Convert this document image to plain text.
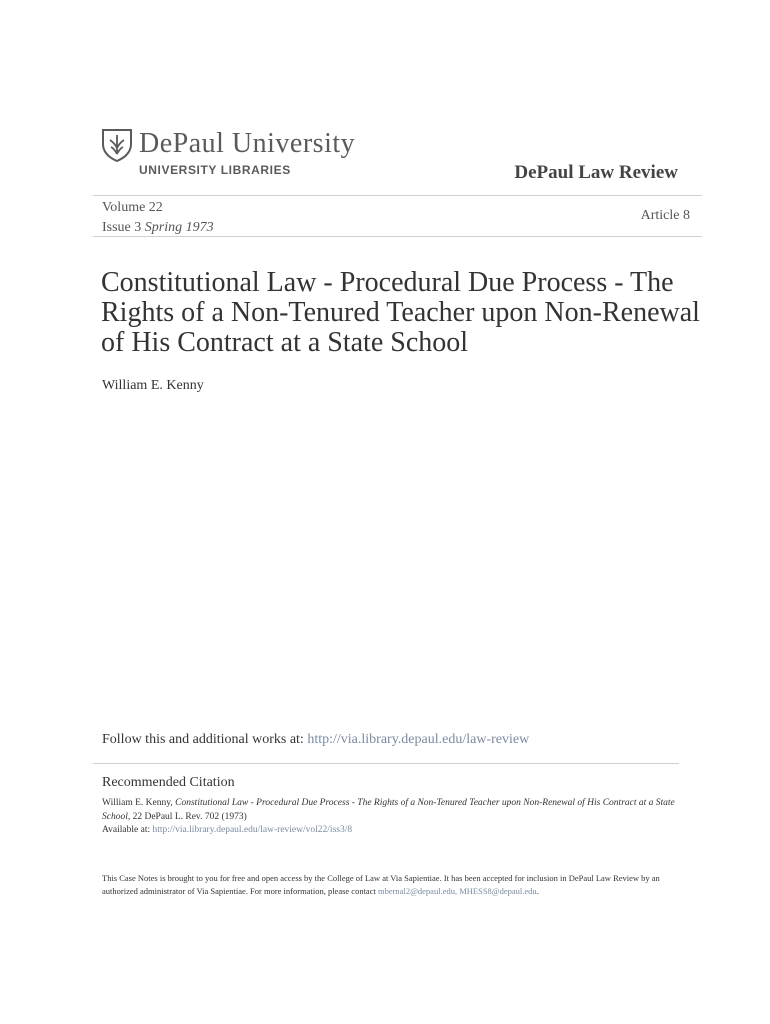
DePaul University
UNIVERSITY LIBRARIES	DePaul Law Review
Volume 22
Issue 3 Spring 1973
Article 8
Constitutional Law - Procedural Due Process - The Rights of a Non-Tenured Teacher upon Non-Renewal of His Contract at a State School
William E. Kenny
Follow this and additional works at: http://via.library.depaul.edu/law-review
Recommended Citation
William E. Kenny, Constitutional Law - Procedural Due Process - The Rights of a Non-Tenured Teacher upon Non-Renewal of His Contract at a State School, 22 DePaul L. Rev. 702 (1973)
Available at: http://via.library.depaul.edu/law-review/vol22/iss3/8
This Case Notes is brought to you for free and open access by the College of Law at Via Sapientiae. It has been accepted for inclusion in DePaul Law Review by an authorized administrator of Via Sapientiae. For more information, please contact mbernal2@depaul.edu, MHESS8@depaul.edu.
